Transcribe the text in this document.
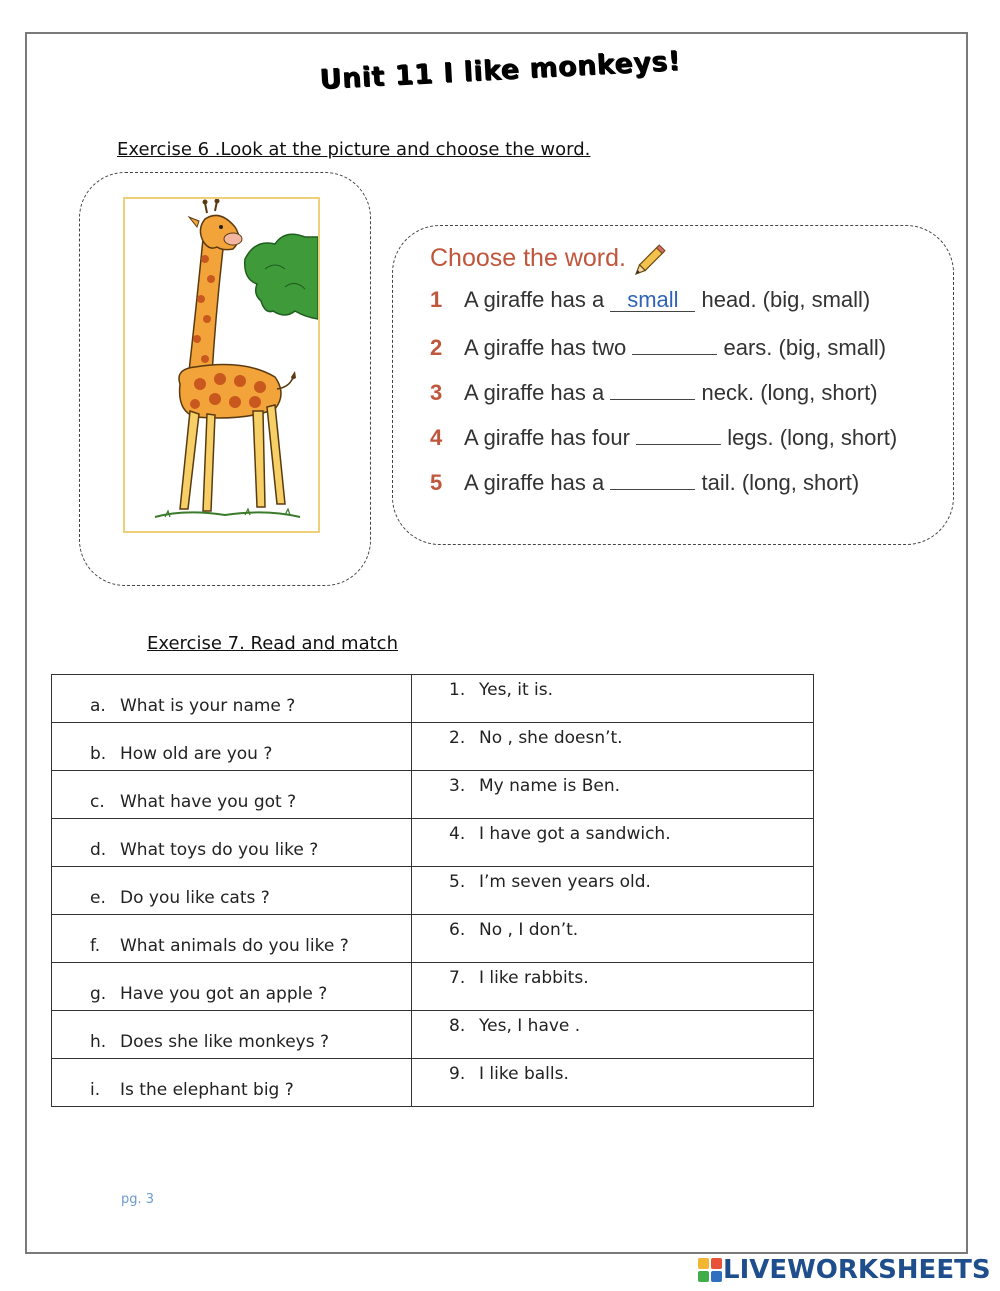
Unit 11 I like monkeys!
Exercise 6 .Look at the picture and choose the word.
Choose the word.
1 A giraffe has a small head. (big, small)
2 A giraffe has two	ears. (big, small)
3 A giraffe has a	neck. (long, short)
4 A giraffe has four	legs. (long, short)
5 A giraffe has a	tail. (long, short)
Exercise 7. Read and match
a. What is your name ?	1. Yes, it is.

b. How old are you ?	2. No , she doesn’t.

c. What have you got ?	3. My name is Ben.

d. What toys do you like ?	4. I have got a sandwich.

e. Do you like cats ?	5. I’m seven years old.

f. What animals do you like ?	6. No , I don’t.

g. Have you got an apple ?	7. I like rabbits.

h. Does she like monkeys ?	8. Yes, I have .

i. Is the elephant big ?	9. I like balls.
pg. 3
LIVEWORKSHEETS
